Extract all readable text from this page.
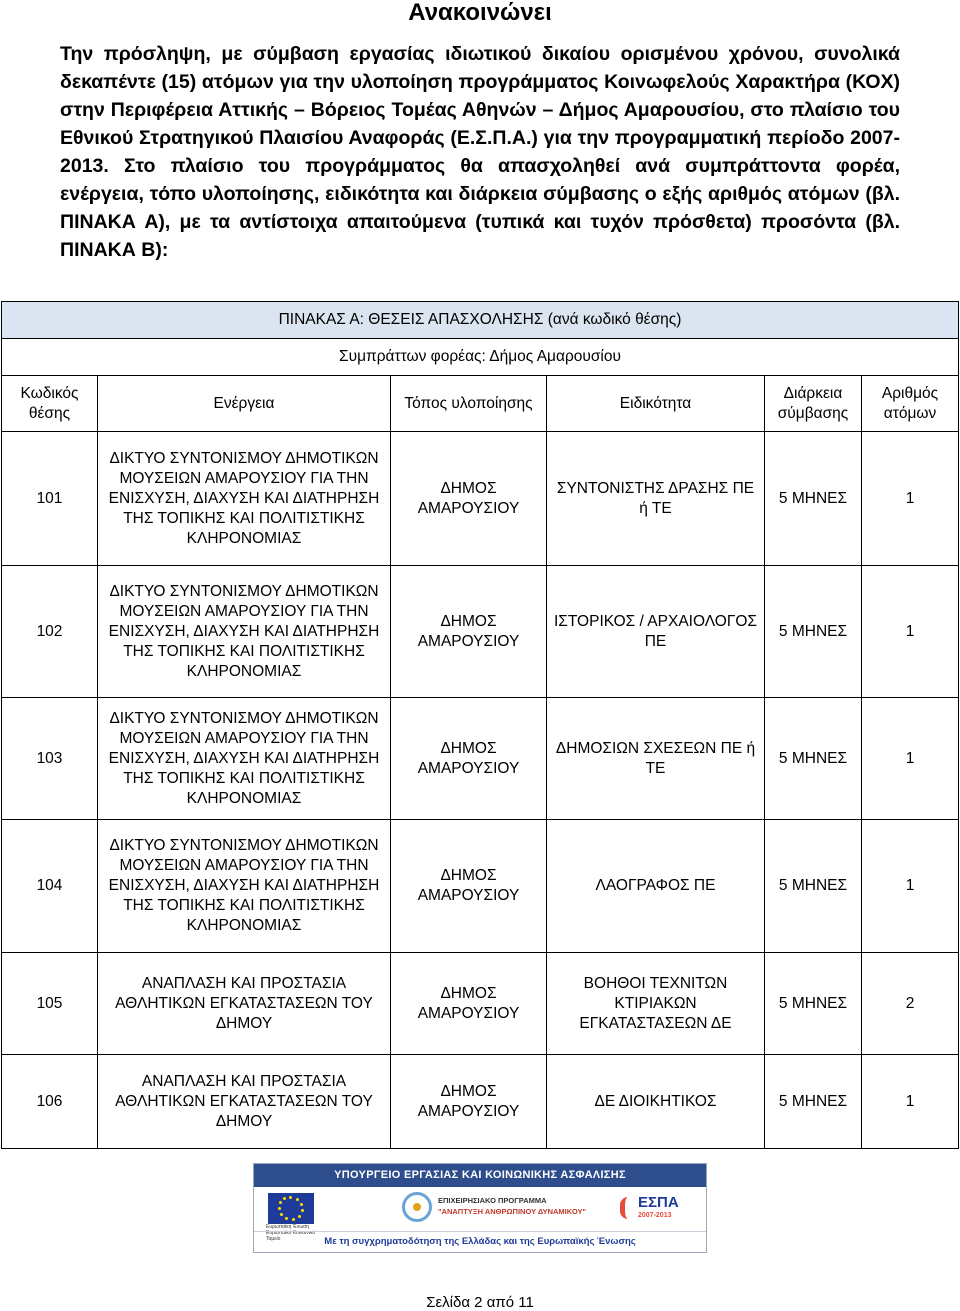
Ανακοινώνει
Την πρόσληψη, με σύμβαση εργασίας ιδιωτικού δικαίου ορισμένου χρόνου, συνολικά δεκαπέντε (15) ατόμων για την υλοποίηση προγράμματος Κοινωφελούς Χαρακτήρα (ΚΟΧ) στην Περιφέρεια Αττικής – Βόρειος Τομέας Αθηνών – Δήμος Αμαρουσίου, στο πλαίσιο του Εθνικού Στρατηγικού Πλαισίου Αναφοράς (Ε.Σ.Π.Α.) για την προγραμματική περίοδο 2007-2013. Στο πλαίσιο του προγράμματος θα απασχοληθεί ανά συμπράττοντα φορέα, ενέργεια, τόπο υλοποίησης, ειδικότητα και διάρκεια σύμβασης ο εξής αριθμός ατόμων (βλ. ΠΙΝΑΚΑ Α), με τα αντίστοιχα απαιτούμενα (τυπικά και τυχόν πρόσθετα) προσόντα (βλ. ΠΙΝΑΚΑ Β):
ΠΙΝΑΚΑΣ Α: ΘΕΣΕΙΣ ΑΠΑΣΧΟΛΗΣΗΣ (ανά κωδικό θέσης)					
Συμπράττων φορέας: Δήμος Αμαρουσίου					
Κωδικός θέσης	Ενέργεια	Τόπος υλοποίησης	Ειδικότητα	Διάρκεια σύμβασης	Αριθμός ατόμων
101	ΔΙΚΤΥΟ ΣΥΝΤΟΝΙΣΜΟΥ ΔΗΜΟΤΙΚΩΝ ΜΟΥΣΕΙΩΝ ΑΜΑΡΟΥΣΙΟΥ ΓΙΑ ΤΗΝ ΕΝΙΣΧΥΣΗ, ΔΙΑΧΥΣΗ ΚΑΙ ΔΙΑΤΗΡΗΣΗ ΤΗΣ ΤΟΠΙΚΗΣ ΚΑΙ ΠΟΛΙΤΙΣΤΙΚΗΣ ΚΛΗΡΟΝΟΜΙΑΣ	ΔΗΜΟΣ ΑΜΑΡΟΥΣΙΟΥ	ΣΥΝΤΟΝΙΣΤΗΣ ΔΡΑΣΗΣ ΠΕ ή ΤΕ	5 ΜΗΝΕΣ	1
102	ΔΙΚΤΥΟ ΣΥΝΤΟΝΙΣΜΟΥ ΔΗΜΟΤΙΚΩΝ ΜΟΥΣΕΙΩΝ ΑΜΑΡΟΥΣΙΟΥ ΓΙΑ ΤΗΝ ΕΝΙΣΧΥΣΗ, ΔΙΑΧΥΣΗ ΚΑΙ ΔΙΑΤΗΡΗΣΗ ΤΗΣ ΤΟΠΙΚΗΣ ΚΑΙ ΠΟΛΙΤΙΣΤΙΚΗΣ ΚΛΗΡΟΝΟΜΙΑΣ	ΔΗΜΟΣ ΑΜΑΡΟΥΣΙΟΥ	ΙΣΤΟΡΙΚΟΣ / ΑΡΧΑΙΟΛΟΓΟΣ ΠΕ	5 ΜΗΝΕΣ	1
103	ΔΙΚΤΥΟ ΣΥΝΤΟΝΙΣΜΟΥ ΔΗΜΟΤΙΚΩΝ ΜΟΥΣΕΙΩΝ ΑΜΑΡΟΥΣΙΟΥ ΓΙΑ ΤΗΝ ΕΝΙΣΧΥΣΗ, ΔΙΑΧΥΣΗ ΚΑΙ ΔΙΑΤΗΡΗΣΗ ΤΗΣ ΤΟΠΙΚΗΣ ΚΑΙ ΠΟΛΙΤΙΣΤΙΚΗΣ ΚΛΗΡΟΝΟΜΙΑΣ	ΔΗΜΟΣ ΑΜΑΡΟΥΣΙΟΥ	ΔΗΜΟΣΙΩΝ ΣΧΕΣΕΩΝ ΠΕ ή ΤΕ	5 ΜΗΝΕΣ	1
104	ΔΙΚΤΥΟ ΣΥΝΤΟΝΙΣΜΟΥ ΔΗΜΟΤΙΚΩΝ ΜΟΥΣΕΙΩΝ ΑΜΑΡΟΥΣΙΟΥ ΓΙΑ ΤΗΝ ΕΝΙΣΧΥΣΗ, ΔΙΑΧΥΣΗ ΚΑΙ ΔΙΑΤΗΡΗΣΗ ΤΗΣ ΤΟΠΙΚΗΣ ΚΑΙ ΠΟΛΙΤΙΣΤΙΚΗΣ ΚΛΗΡΟΝΟΜΙΑΣ	ΔΗΜΟΣ ΑΜΑΡΟΥΣΙΟΥ	ΛΑΟΓΡΑΦΟΣ ΠΕ	5 ΜΗΝΕΣ	1
105	ΑΝΑΠΛΑΣΗ ΚΑΙ ΠΡΟΣΤΑΣΙΑ ΑΘΛΗΤΙΚΩΝ ΕΓΚΑΤΑΣΤΑΣΕΩΝ ΤΟΥ ΔΗΜΟΥ	ΔΗΜΟΣ ΑΜΑΡΟΥΣΙΟΥ	ΒΟΗΘΟΙ ΤΕΧΝΙΤΩΝ ΚΤΙΡΙΑΚΩΝ ΕΓΚΑΤΑΣΤΑΣΕΩΝ ΔΕ	5 ΜΗΝΕΣ	2
106	ΑΝΑΠΛΑΣΗ ΚΑΙ ΠΡΟΣΤΑΣΙΑ ΑΘΛΗΤΙΚΩΝ ΕΓΚΑΤΑΣΤΑΣΕΩΝ ΤΟΥ ΔΗΜΟΥ	ΔΗΜΟΣ ΑΜΑΡΟΥΣΙΟΥ	ΔΕ ΔΙΟΙΚΗΤΙΚΟΣ	5 ΜΗΝΕΣ	1
ΥΠΟΥΡΓΕΙΟ ΕΡΓΑΣΙΑΣ ΚΑΙ ΚΟΙΝΩΝΙΚΗΣ ΑΣΦΑΛΙΣΗΣ
Ευρωπαϊκή Ένωση Ευρωπαϊκό Κοινωνικό Ταμείο
ΕΠΙΧΕΙΡΗΣΙΑΚΟ ΠΡΟΓΡΑΜΜΑ
"ΑΝΑΠΤΥΞΗ ΑΝΘΡΩΠΙΝΟΥ ΔΥΝΑΜΙΚΟΥ"
ΕΣΠΑ
2007-2013
Με τη συγχρηματοδότηση της Ελλάδας και της Ευρωπαϊκής Ένωσης
Σελίδα 2 από 11
